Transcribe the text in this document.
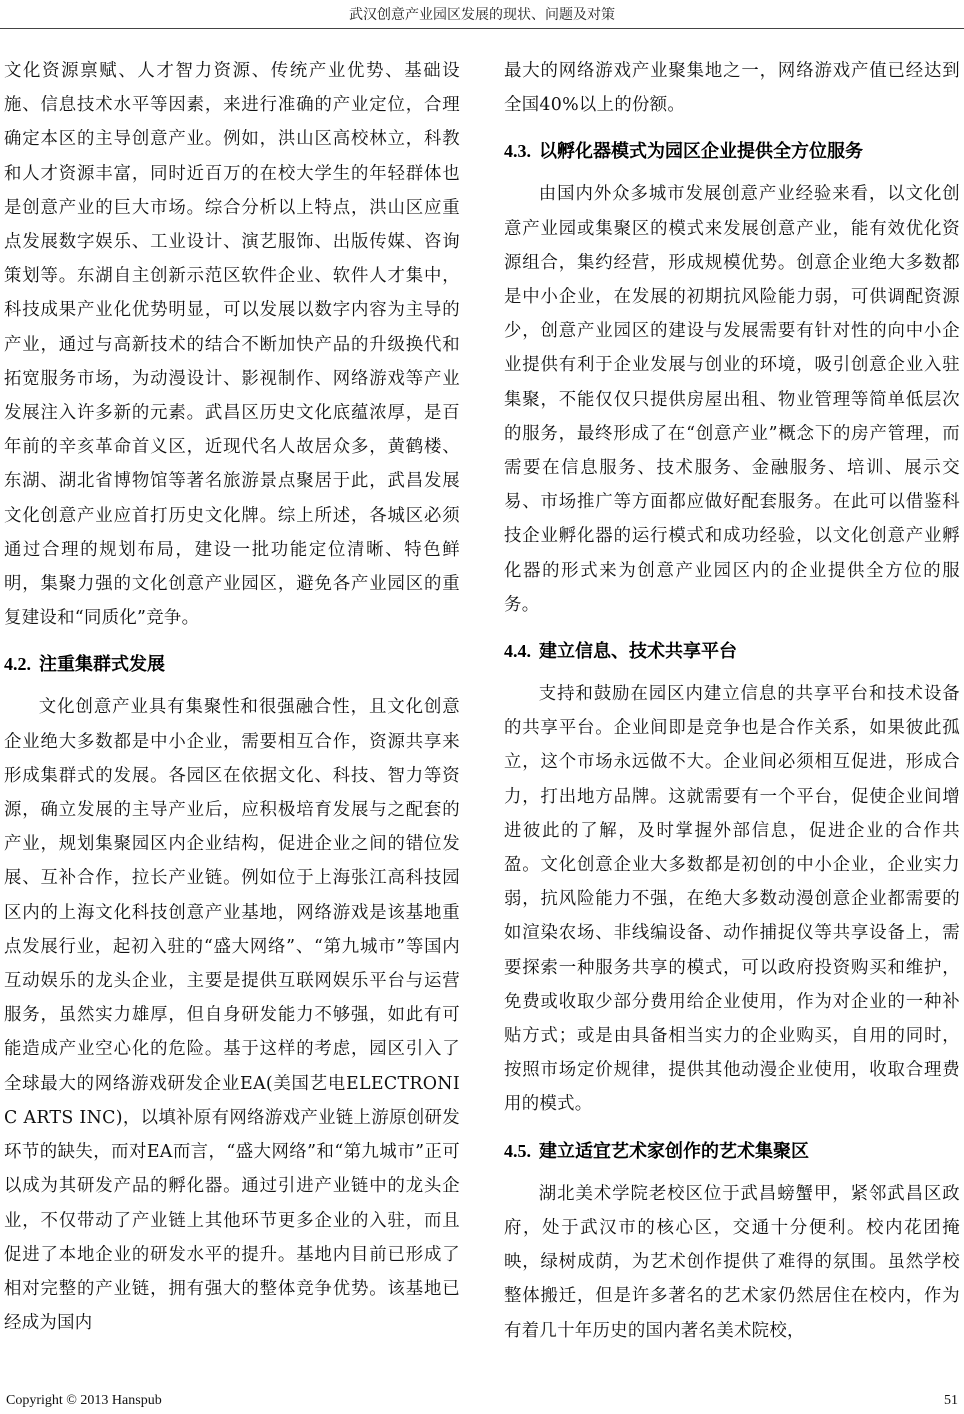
武汉创意产业园区发展的现状、问题及对策

文化资源禀赋、人才智力资源、传统产业优势、基础设施、信息技术水平等因素，来进行准确的产业定位，合理确定本区的主导创意产业。例如，洪山区高校林立，科教和人才资源丰富，同时近百万的在校大学生的年轻群体也是创意产业的巨大市场。综合分析以上特点，洪山区应重点发展数字娱乐、工业设计、演艺服饰、出版传媒、咨询策划等。东湖自主创新示范区软件企业、软件人才集中，科技成果产业化优势明显，可以发展以数字内容为主导的产业，通过与高新技术的结合不断加快产品的升级换代和拓宽服务市场，为动漫设计、影视制作、网络游戏等产业发展注入许多新的元素。武昌区历史文化底蕴浓厚，是百年前的辛亥革命首义区，近现代名人故居众多，黄鹤楼、东湖、湖北省博物馆等著名旅游景点聚居于此，武昌发展文化创意产业应首打历史文化牌。综上所述，各城区必须通过合理的规划布局，建设一批功能定位清晰、特色鲜明，集聚力强的文化创意产业园区，避免各产业园区的重复建设和“同质化”竞争。

4.2. 注重集群式发展

文化创意产业具有集聚性和很强融合性，且文化创意企业绝大多数都是中小企业，需要相互合作，资源共享来形成集群式的发展。各园区在依据文化、科技、智力等资源，确立发展的主导产业后，应积极培育发展与之配套的产业，规划集聚园区内企业结构，促进企业之间的错位发展、互补合作，拉长产业链。例如位于上海张江高科技园区内的上海文化科技创意产业基地，网络游戏是该基地重点发展行业，起初入驻的“盛大网络”、“第九城市”等国内互动娱乐的龙头企业，主要是提供互联网娱乐平台与运营服务，虽然实力雄厚，但自身研发能力不够强，如此有可能造成产业空心化的危险。基于这样的考虑，园区引入了全球最大的网络游戏研发企业EA(美国艺电ELECTRONIC ARTS INC)，以填补原有网络游戏产业链上游原创研发环节的缺失，而对EA而言，“盛大网络”和“第九城市”正可以成为其研发产品的孵化器。通过引进产业链中的龙头企业，不仅带动了产业链上其他环节更多企业的入驻，而且促进了本地企业的研发水平的提升。基地内目前已形成了相对完整的产业链，拥有强大的整体竞争优势。该基地已经成为国内

最大的网络游戏产业聚集地之一，网络游戏产值已经达到全国40%以上的份额。

4.3. 以孵化器模式为园区企业提供全方位服务

由国内外众多城市发展创意产业经验来看，以文化创意产业园或集聚区的模式来发展创意产业，能有效优化资源组合，集约经营，形成规模优势。创意企业绝大多数都是中小企业，在发展的初期抗风险能力弱，可供调配资源少，创意产业园区的建设与发展需要有针对性的向中小企业提供有利于企业发展与创业的环境，吸引创意企业入驻集聚，不能仅仅只提供房屋出租、物业管理等简单低层次的服务，最终形成了在“创意产业”概念下的房产管理，而需要在信息服务、技术服务、金融服务、培训、展示交易、市场推广等方面都应做好配套服务。在此可以借鉴科技企业孵化器的运行模式和成功经验，以文化创意产业孵化器的形式来为创意产业园区内的企业提供全方位的服务。

4.4. 建立信息、技术共享平台

支持和鼓励在园区内建立信息的共享平台和技术设备的共享平台。企业间即是竞争也是合作关系，如果彼此孤立，这个市场永远做不大。企业间必须相互促进，形成合力，打出地方品牌。这就需要有一个平台，促使企业间增进彼此的了解，及时掌握外部信息，促进企业的合作共盈。文化创意企业大多数都是初创的中小企业，企业实力弱，抗风险能力不强，在绝大多数动漫创意企业都需要的如渲染农场、非线编设备、动作捕捉仪等共享设备上，需要探索一种服务共享的模式，可以政府投资购买和维护，免费或收取少部分费用给企业使用，作为对企业的一种补贴方式；或是由具备相当实力的企业购买，自用的同时，按照市场定价规律，提供其他动漫企业使用，收取合理费用的模式。

4.5. 建立适宜艺术家创作的艺术集聚区

湖北美术学院老校区位于武昌螃蟹甲，紧邻武昌区政府，处于武汉市的核心区，交通十分便利。校内花团掩映，绿树成荫，为艺术创作提供了难得的氛围。虽然学校整体搬迁，但是许多著名的艺术家仍然居住在校内，作为有着几十年历史的国内著名美术院校，

Copyright © 2013 Hanspub	51
